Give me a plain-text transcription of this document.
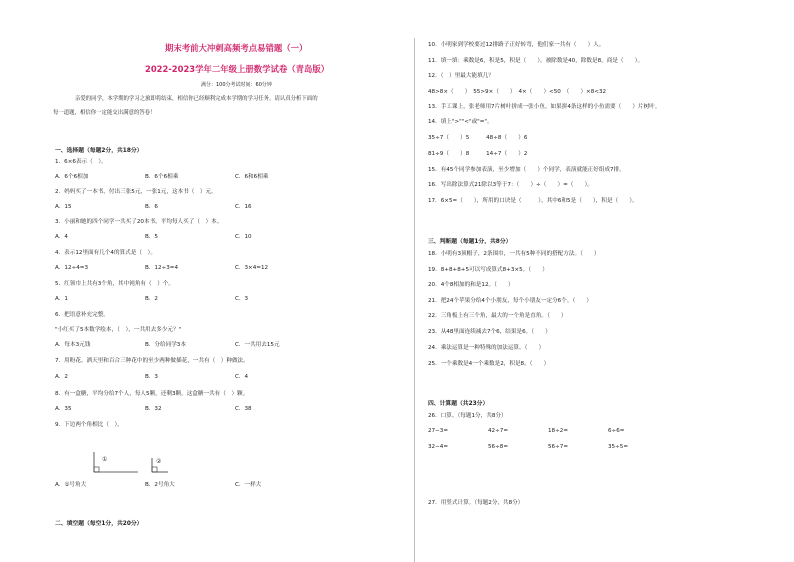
期末考前大冲刺高频考点易错题（一）
2022-2023学年二年级上册数学试卷（青岛版）
满分：100分考试时间：60分钟
亲爱的同学，本学期的学习之旅即将结束，相信你已经顺利完成本学期的学习任务，请认真分析下面的
每一道题，相信你一定能交出满意的答卷！
一、选择题（每题2分，共18分）
1．6×6表示（　）。
A．6个6相加	B．6个6相乘	C．6和6相乘
2．妈妈买了一本书，付出三张5元，一张1元，这本书（　）元。
A．15	B．6	C．16
3．小丽和她的四个同学一共买了20本书，平均每人买了（　）本。
A．4	B．5	C．10
4．表示12里面有几个4的算式是（　）。
A．12÷4=3	B．12÷3=4	C．3×4=12
5．红领巾上共有3个角，其中钝角有（　）个。
A．1	B．2	C．3
6．把语意补充完整。
"小红买了5本数学绘本，（　），一共用去多少元？"
A．每本3元钱	B．分给同学3本	C．一共用去15元
7．用粉花、洒天里和百合三种花中的至少两种做插花，一共有（　）种做法。
A．2	B．3	C．4
8．有一盒糖，平均分给7个人，每人5颗，还剩3颗，这盒糖一共有（　）颗。
A．35	B．32	C．38
9．下边两个角相比（　）。
①	②
A．①号角大	B．2号角大	C．一样大
二、填空题（每空1分，共20分）
10．小明家到学校要过12排路子正好转弯，他们家一共有（　　）人。
11．填一填：乘数是6，积是5，积是（　　）。被除数是40，除数是8，商是（　　）。
12．（　）里最大能填几？
48>8×（　　）　55>9×（　　）　4×（　　）<50　（　　）×8<32
13．手工课上，张老师用7片树叶拼成一张小鱼，如果拼4条这样的小鱼需要（　　）片树叶。
14．填上">""<"或"="。
35÷7（　　）5　　　48÷8（　　）6
81÷9（　　）8　　　14÷7（　　）2
15．有45个同学参加表演，至少增加（　　）个同学，表演就能正好组成7排。
16．写出除法算式21除以3等于7：（　　）÷（　　）=（　　）。
17．6×5=（　　），所用的口诀是（　　　），其中6和5是（　　），积是（　　）。
三、判断题（每题1分，共8分）
18．小明有3顶帽子，2条围巾，一共有5种不同的搭配方法。（　　）
19．8+8+8+5可以写成算式8+3×5。（　　）
20．4个8相加的和是12。（　　）
21．把24个苹果分给4个小朋友，每个小朋友一定分6个。（　　）
22．三角板上有三个角，最大的一个角是直角。（　　）
23．从48里面连续减去7个6，结果是6。（　　）
24．乘法运算是一种特殊的加法运算。（　　）
25．一个乘数是4一个乘数是2，积是8。（　　）
四、计算题（共23分）
26．口算。（每题1分，共8分）
27−3=	42÷7=	18÷2=	6÷6=
32−4=	56÷8=	56÷7=	35÷5=
27．用竖式计算。（每题2分，共8分）
